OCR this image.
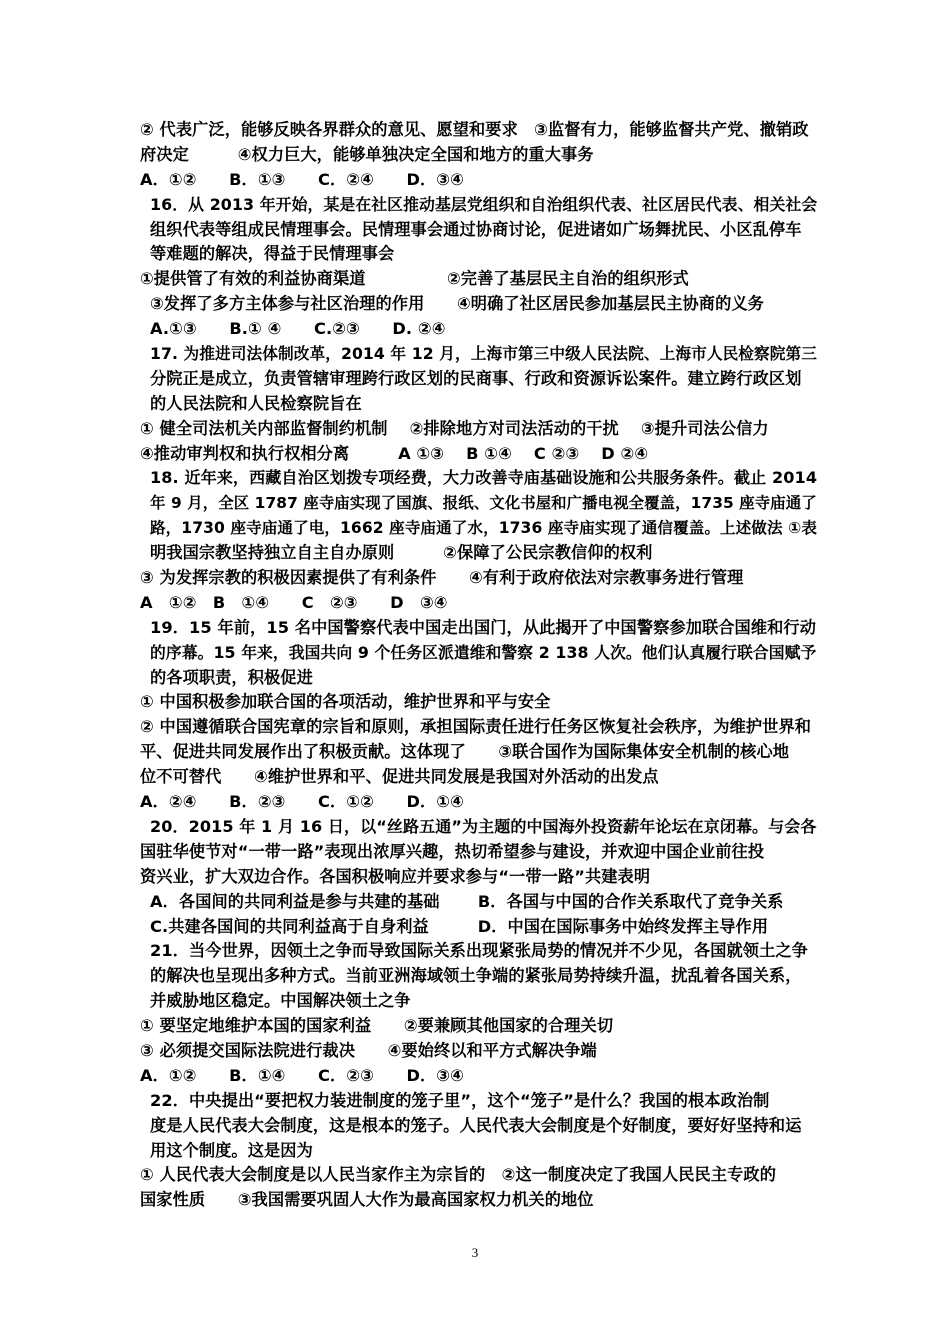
② 代表广泛，能够反映各界群众的意见、愿望和要求　③监督有力，能够监督共产党、撤销政
府决定　　　④权力巨大，能够单独决定全国和地方的重大事务
A．①②　　B．①③　　C．②④　　D．③④
16．从 2013 年开始，某是在社区推动基层党组织和自治组织代表、社区居民代表、相关社会
组织代表等组成民情理事会。民情理事会通过协商讨论，促进诸如广场舞扰民、小区乱停车
等难题的解决，得益于民情理事会
①提供管了有效的利益协商渠道　　　　　②完善了基层民主自治的组织形式
③发挥了多方主体参与社区治理的作用　　④明确了社区居民参加基层民主协商的义务
A.①③　　B.① ④　　C.②③　　D. ②④
17. 为推进司法体制改革，2014 年 12 月，上海市第三中级人民法院、上海市人民检察院第三
分院正是成立，负责管辖审理跨行政区划的民商事、行政和资源诉讼案件。建立跨行政区划
的人民法院和人民检察院旨在
① 健全司法机关内部监督制约机制　 ②排除地方对司法活动的干扰　 ③提升司法公信力
④推动审判权和执行权相分离　　　A ①③　 B ①④　 C ②③　 D ②④
18. 近年来，西藏自治区划拨专项经费，大力改善寺庙基础设施和公共服务条件。截止 2014
年 9 月，全区 1787 座寺庙实现了国旗、报纸、文化书屋和广播电视全覆盖，1735 座寺庙通了
路，1730 座寺庙通了电，1662 座寺庙通了水，1736 座寺庙实现了通信覆盖。上述做法 ①表
明我国宗教坚持独立自主自办原则　　　②保障了公民宗教信仰的权利
③ 为发挥宗教的积极因素提供了有利条件　　④有利于政府依法对宗教事务进行管理
A　①②　B　①④　　C　②③　　D　③④
19．15 年前，15 名中国警察代表中国走出国门，从此揭开了中国警察参加联合国维和行动
的序幕。15 年来，我国共向 9 个任务区派遣维和警察 2 138 人次。他们认真履行联合国赋予
的各项职责，积极促进
① 中国积极参加联合国的各项活动，维护世界和平与安全
② 中国遵循联合国宪章的宗旨和原则，承担国际责任进行任务区恢复社会秩序，为维护世界和
平、促进共同发展作出了积极贡献。这体现了　　③联合国作为国际集体安全机制的核心地
位不可替代　　④维护世界和平、促进共同发展是我国对外活动的出发点
A．②④　　B．②③　　C．①②　　D．①④
20．2015 年 1 月 16 日，以“丝路五通”为主题的中国海外投资薪年论坛在京闭幕。与会各
国驻华使节对“一带一路”表现出浓厚兴趣，热切希望参与建设，并欢迎中国企业前往投
资兴业，扩大双边合作。各国积极响应并要求参与“一带一路”共建表明
A．各国间的共同利益是参与共建的基础　　 B．各国与中国的合作关系取代了竞争关系
C.共建各国间的共同利益高于自身利益　　　D．中国在国际事务中始终发挥主导作用
21．当今世界，因领土之争而导致国际关系出现紧张局势的情况并不少见，各国就领土之争
的解决也呈现出多种方式。当前亚洲海域领土争端的紧张局势持续升温，扰乱着各国关系，
并威胁地区稳定。中国解决领土之争
① 要坚定地维护本国的国家利益　　②要兼顾其他国家的合理关切
③ 必须提交国际法院进行裁决　　④要始终以和平方式解决争端
A．①②　　B．①④　　C．②③　　D．③④
22．中央提出“要把权力装进制度的笼子里”，这个“笼子”是什么？我国的根本政治制
度是人民代表大会制度，这是根本的笼子。人民代表大会制度是个好制度，要好好坚持和运
用这个制度。这是因为
① 人民代表大会制度是以人民当家作主为宗旨的　②这一制度决定了我国人民民主专政的
国家性质　　③我国需要巩固人大作为最高国家权力机关的地位
3
